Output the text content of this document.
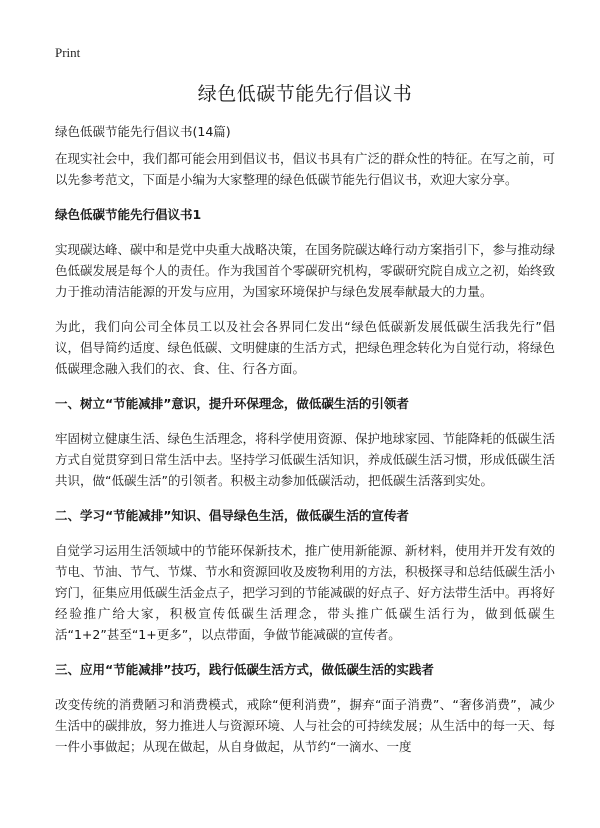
Print
绿色低碳节能先行倡议书
绿色低碳节能先行倡议书(14篇)

在现实社会中，我们都可能会用到倡议书，倡议书具有广泛的群众性的特征。在写之前，可以先参考范文，下面是小编为大家整理的绿色低碳节能先行倡议书，欢迎大家分享。

绿色低碳节能先行倡议书1

实现碳达峰、碳中和是党中央重大战略决策，在国务院碳达峰行动方案指引下，参与推动绿色低碳发展是每个人的责任。作为我国首个零碳研究机构，零碳研究院自成立之初，始终致力于推动清洁能源的开发与应用，为国家环境保护与绿色发展奉献最大的力量。

为此，我们向公司全体员工以及社会各界同仁发出“绿色低碳新发展低碳生活我先行”倡议，倡导简约适度、绿色低碳、文明健康的生活方式，把绿色理念转化为自觉行动，将绿色低碳理念融入我们的衣、食、住、行各方面。

一、树立“节能减排”意识，提升环保理念，做低碳生活的引领者

牢固树立健康生活、绿色生活理念，将科学使用资源、保护地球家园、节能降耗的低碳生活方式自觉贯穿到日常生活中去。坚持学习低碳生活知识，养成低碳生活习惯，形成低碳生活共识，做“低碳生活”的引领者。积极主动参加低碳活动，把低碳生活落到实处。

二、学习“节能减排”知识、倡导绿色生活，做低碳生活的宣传者

自觉学习运用生活领域中的节能环保新技术，推广使用新能源、新材料，使用并开发有效的节电、节油、节气、节煤、节水和资源回收及废物利用的方法，积极探寻和总结低碳生活小窍门，征集应用低碳生活金点子，把学习到的节能减碳的好点子、好方法带生活中。再将好经验推广给大家，积极宣传低碳生活理念，带头推广低碳生活行为，做到低碳生活“1+2”甚至“1+更多”，以点带面，争做节能减碳的宣传者。

三、应用“节能减排”技巧，践行低碳生活方式，做低碳生活的实践者

改变传统的消费陋习和消费模式，戒除“便利消费”，摒弃“面子消费”、“奢侈消费”，减少生活中的碳排放，努力推进人与资源环境、人与社会的可持续发展；从生活中的每一天、每一件小事做起；从现在做起，从自身做起，从节约“一滴水、一度
